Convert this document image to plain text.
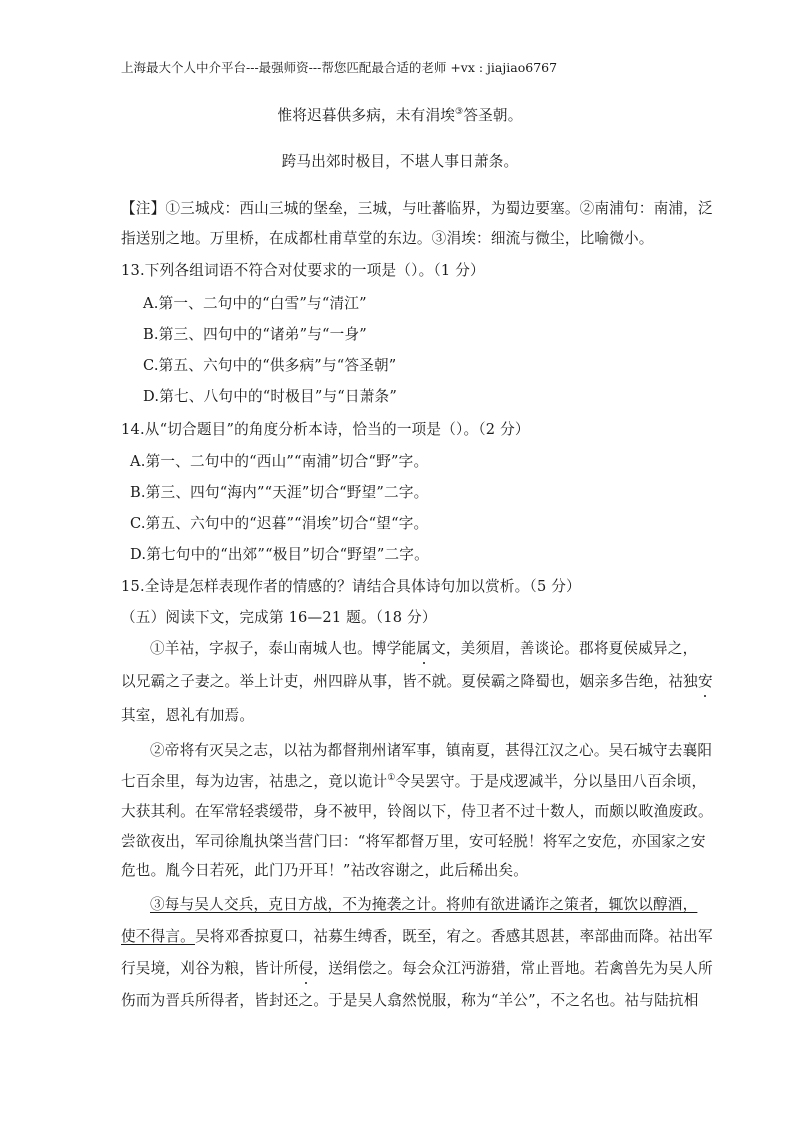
上海最大个人中介平台---最强师资---帮您匹配最合适的老师 +vx : jiajiao6767
惟将迟暮供多病，未有涓埃③答圣朝。
跨马出郊时极目，不堪人事日萧条。
【注】①三城戍：西山三城的堡垒，三城，与吐蕃临界，为蜀边要塞。②南浦句：南浦，泛
指送别之地。万里桥，在成都杜甫草堂的东边。③涓埃：细流与微尘，比喻微小。
13.下列各组词语不符合对仗要求的一项是（）。（1 分）
A.第一、二句中的“白雪”与“清江”
B.第三、四句中的“诸弟”与“一身”
C.第五、六句中的“供多病”与“答圣朝”
D.第七、八句中的“时极目”与“日萧条”
14.从“切合题目”的角度分析本诗，恰当的一项是（）。（2 分）
A.第一、二句中的“西山”“南浦”切合“野”字。
B.第三、四句“海内”“天涯”切合“野望”二字。
C.第五、六句中的“迟暮”“涓埃”切合“望“字。
D.第七句中的“出郊”“极目”切合“野望”二字。
15.全诗是怎样表现作者的情感的？请结合具体诗句加以赏析。（5 分）
（五）阅读下文，完成第 16—21 题。（18 分）
①羊祜，字叔子，泰山南城人也。博学能属文，美须眉，善谈论。郡将夏侯威异之，
以兄霸之子妻之。举上计吏，州四辟从事，皆不就。夏侯霸之降蜀也，姻亲多告绝，祜独安
其室，恩礼有加焉。
②帝将有灭吴之志，以祜为都督荆州诸军事，镇南夏，甚得江汉之心。吴石城守去襄阳
七百余里，每为边害，祜患之，竟以诡计①令吴罢守。于是戍逻减半，分以垦田八百余顷，
大获其利。在军常轻裘缓带，身不被甲，铃阁以下，侍卫者不过十数人，而颇以畋渔废政。
尝欲夜出，军司徐胤执棨当营门曰：“将军都督万里，安可轻脱！将军之安危，亦国家之安
危也。胤今日若死，此门乃开耳！”祜改容谢之，此后稀出矣。
③每与吴人交兵，克日方战，不为掩袭之计。将帅有欲进谲诈之策者，辄饮以醇酒，
使不得言。吴将邓香掠夏口，祜募生缚香，既至，宥之。香感其恩甚，率部曲而降。祜出军
行吴境，刈谷为粮，皆计所侵，送绢偿之。每会众江沔游猎，常止晋地。若禽兽先为吴人所
伤而为晋兵所得者，皆封还之。于是吴人翕然悦服，称为“羊公”，不之名也。祜与陆抗相
